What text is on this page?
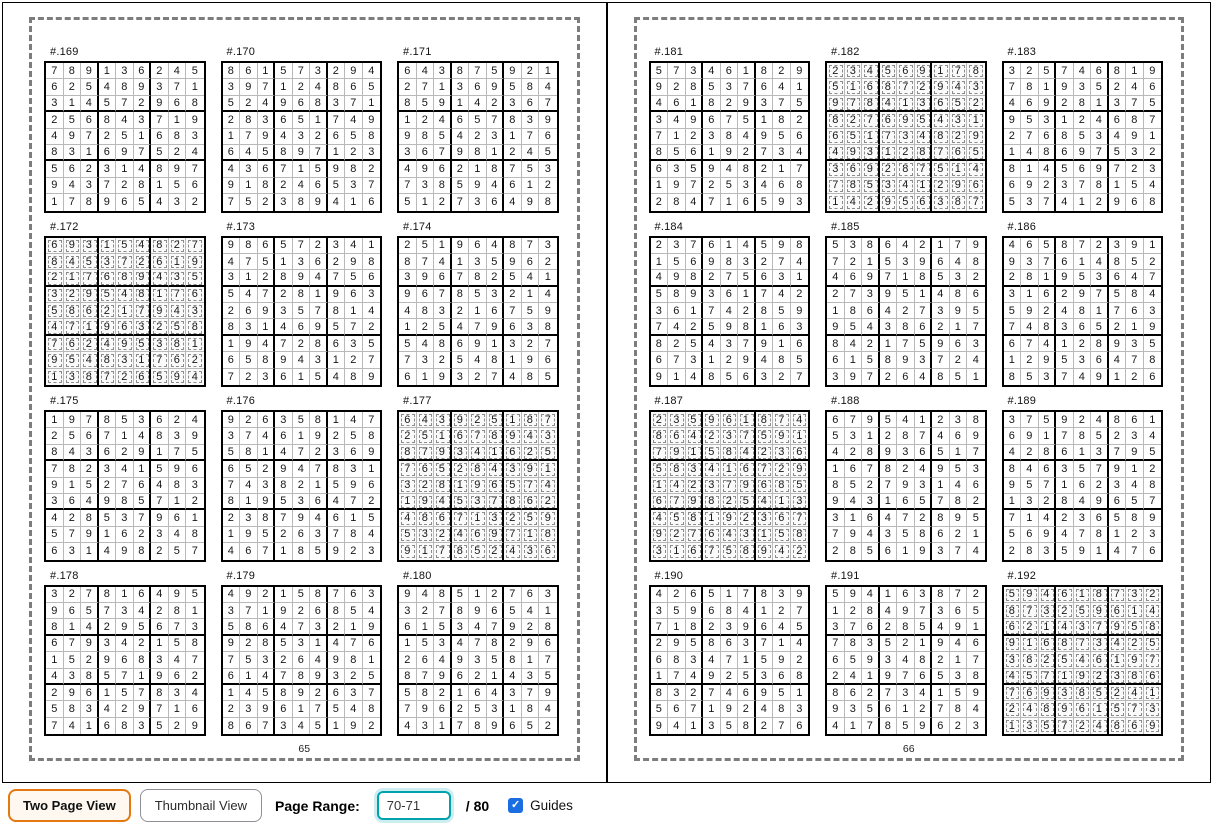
#.169
7	8 9	1	3 6	2	4	5
6	2 5	4	8 9	3	7	1
3	1 4	5	7 2	9	6	8
2	5 6	8	4 3	7	1	9
4	9 7	2	5 1	6	8	3
8	3 1	6	9 7	5	2	4
5	6 2	3	1 4	8	9	7
9	4 3	7	2 8	1	5	6
1	7 8	9	6 5	4	3	2
#.170
8	6 1	5	7 3	2	9	4
3	9 7	1	2 4	8	6	5
5	2 4	9	6 8	3	7	1
2	8 3	6	5 1	7	4	9
1	7 9	4	3 2	6	5	8
6	4 5	8	9 7	1	2	3
4	3 6	7	1 5	9	8	2
9	1 8	2	4 6	5	3	7
7	5 2	3	8 9	4	1	6
#.171
6	4 3	8	7 5	9	2	1
2	7 1	3	6 9	5	8	4
8	5 9	1	4 2	3	6	7
1	2 4	6	5 7	8	3	9
9	8 5	4	2 3	1	7	6
3	6 7	9	8 1	2	4	5
4	9 6	2	1 8	7	5	3
7	3 8	5	9 4	6	1	2
5	1 2	7	3 6	4	9	8
#.172
6	9 3	1	5 4	8	2	7
8	4 5	3	7 2	6	1	9
2	1 7	6	8 9	4	3	5
3	2 9	5	4 8	1	7	6
5	8 6	2	1 7	9	4	3
4	7 1	9	6 3	2	5	8
7	6 2	4	9 5	3	8	1
9	5 4	8	3 1	7	6	2
1	3 8	7	2 6	5	9	4
#.173
9	8 6	5	7 2	3	4	1
4	7 5	1	3 6	2	9	8
3	1 2	8	9 4	7	5	6
5	4 7	2	8 1	9	6	3
2	6 9	3	5 7	8	1	4
8	3 1	4	6 9	5	7	2
1	9 4	7	2 8	6	3	5
6	5 8	9	4 3	1	2	7
7	2 3	6	1 5	4	8	9
#.174
2	5 1	9	6 4	8	7	3
8	7 4	1	3 5	9	6	2
3	9 6	7	8 2	5	4	1
9	6 7	8	5 3	2	1	4
4	8 3	2	1 6	7	5	9
1	2 5	4	7 9	6	3	8
5	4 8	6	9 1	3	2	7
7	3 2	5	4 8	1	9	6
6	1 9	3	2 7	4	8	5
#.175
1	9 7	8	5 3	6	2	4
2	5 6	7	1 4	8	3	9
8	4 3	6	2 9	1	7	5
7	8 2	3	4 1	5	9	6
9	1 5	2	7 6	4	8	3
3	6 4	9	8 5	7	1	2
4	2 8	5	3 7	9	6	1
5	7 9	1	6 2	3	4	8
6	3 1	4	9 8	2	5	7
#.176
9	2 6	3	5 8	1	4	7
3	7 4	6	1 9	2	5	8
5	8 1	4	7 2	3	6	9
6	5 2	9	4 7	8	3	1
7	4 3	8	2 1	5	9	6
8	1 9	5	3 6	4	7	2
2	3 8	7	9 4	6	1	5
1	9 5	2	6 3	7	8	4
4	6 7	1	8 5	9	2	3
#.177
6	4 3	9	2 5	1	8	7
2	5 1	6	7 8	9	4	3
8	7 9	3	4 1	6	2	5
7	6 5	2	8 4	3	9	1
3	2 8	1	9 6	5	7	4
1	9 4	5	3 7	8	6	2
4	8 6	7	1 3	2	5	9
5	3 2	4	6 9	7	1	8
9	1 7	8	5 2	4	3	6
#.178
3	2 7	8	1 6	4	9	5
9	6 5	7	3 4	2	8	1
8	1 4	2	9 5	6	7	3
6	7 9	3	4 2	1	5	8
1	5 2	9	6 8	3	4	7
4	3 8	5	7 1	9	6	2
2	9 6	1	5 7	8	3	4
5	8 3	4	2 9	7	1	6
7	4 1	6	8 3	5	2	9
#.179
4	9 2	1	5 8	7	6	3
3	7 1	9	2 6	8	5	4
5	8 6	4	7 3	2	1	9
9	2 8	5	3 1	4	7	6
7	5 3	2	6 4	9	8	1
6	1 4	7	8 9	3	2	5
1	4 5	8	9 2	6	3	7
2	3 9	6	1 7	5	4	8
8	6 7	3	4 5	1	9	2
#.180
9	4 8	5	1 2	7	6	3
3	2 7	8	9 6	5	4	1
6	1 5	3	4 7	9	2	8
1	5 3	4	7 8	2	9	6
2	6 4	9	3 5	8	1	7
8	7 9	6	2 1	4	3	5
5	8 2	1	6 4	3	7	9
7	9 6	2	5 3	1	8	4
4	3 1	7	8 9	6	5	2
65
#.181
5	7 3	4	6 1	8	2	9
9	2 8	5	3 7	6	4	1
4	6 1	8	2 9	3	7	5
3	4 9	6	7 5	1	8	2
7	1 2	3	8 4	9	5	6
8	5 6	1	9 2	7	3	4
6	3 5	9	4 8	2	1	7
1	9 7	2	5 3	4	6	8
2	8 4	7	1 6	5	9	3
#.182
2	3 4	5	6 9	1	7	8
5	1 6	8	7 2	9	4	3
9	7 8	4	1 3	6	5	2
8	2 7	6	9 5	4	3	1
6	5 1	7	3 4	8	2	9
4	9 3	1	2 8	7	6	5
3	6 9	2	8 7	5	1	4
7	8 5	3	4 1	2	9	6
1	4 2	9	5 6	3	8	7
#.183
3	2 5	7	4 6	8	1	9
7	8 1	9	3 5	2	4	6
4	6 9	2	8 1	3	7	5
9	5 3	1	2 4	6	8	7
2	7 6	8	5 3	4	9	1
1	4 8	6	9 7	5	3	2
8	1 4	5	6 9	7	2	3
6	9 2	3	7 8	1	5	4
5	3 7	4	1 2	9	6	8
#.184
2	3 7	6	1 4	5	9	8
1	5 6	9	8 3	2	7	4
4	9 8	2	7 5	6	3	1
5	8 9	3	6 1	7	4	2
3	6 1	7	4 2	8	5	9
7	4 2	5	9 8	1	6	3
8	2 5	4	3 7	9	1	6
6	7 3	1	2 9	4	8	5
9	1 4	8	5 6	3	2	7
#.185
5	3 8	6	4 2	1	7	9
7	2 1	5	3 9	6	4	8
4	6 9	7	1 8	5	3	2
2	7 3	9	5 1	4	8	6
1	8 6	4	2 7	3	9	5
9	5 4	3	8 6	2	1	7
8	4 2	1	7 5	9	6	3
6	1 5	8	9 3	7	2	4
3	9 7	2	6 4	8	5	1
#.186
4	6 5	8	7 2	3	9	1
9	3 7	6	1 4	8	5	2
2	8 1	9	5 3	6	4	7
3	1 6	2	9 7	5	8	4
5	9 2	4	8 1	7	6	3
7	4 8	3	6 5	2	1	9
6	7 4	1	2 8	9	3	5
1	2 9	5	3 6	4	7	8
8	5 3	7	4 9	1	2	6
#.187
2	3 5	9	6 1	8	7	4
8	6 4	2	3 7	5	9	1
7	9 1	5	8 4	2	3	6
5	8 3	4	1 6	7	2	9
1	4 2	3	7 9	6	8	5
6	7 9	8	2 5	4	1	3
4	5 8	1	9 2	3	6	7
9	2 7	6	4 3	1	5	8
3	1 6	7	5 8	9	4	2
#.188
6	7 9	5	4 1	2	3	8
5	3 1	2	8 7	4	6	9
4	2 8	9	3 6	5	1	7
1	6 7	8	2 4	9	5	3
8	5 2	7	9 3	1	4	6
9	4 3	1	6 5	7	8	2
3	1 6	4	7 2	8	9	5
7	9 4	3	5 8	6	2	1
2	8 5	6	1 9	3	7	4
#.189
3	7 5	9	2 4	8	6	1
6	9 1	7	8 5	2	3	4
4	2 8	6	1 3	7	9	5
8	4 6	3	5 7	9	1	2
9	5 7	1	6 2	3	4	8
1	3 2	8	4 9	6	5	7
7	1 4	2	3 6	5	8	9
5	6 9	4	7 8	1	2	3
2	8 3	5	9 1	4	7	6
#.190
4	2 6	5	1 7	8	3	9
3	5 9	6	8 4	1	2	7
7	1 8	2	3 9	6	4	5
2	9 5	8	6 3	7	1	4
6	8 3	4	7 1	5	9	2
1	7 4	9	2 5	3	6	8
8	3 2	7	4 6	9	5	1
5	6 7	1	9 2	4	8	3
9	4 1	3	5 8	2	7	6
#.191
5	9 4	1	6 3	8	7	2
1	2 8	4	9 7	3	6	5
3	7 6	2	8 5	4	9	1
7	8 3	5	2 1	9	4	6
6	5 9	3	4 8	2	1	7
2	4 1	9	7 6	5	3	8
8	6 2	7	3 4	1	5	9
9	3 5	6	1 2	7	8	4
4	1 7	8	5 9	6	2	3
#.192
5	9 4	6	1 8	7	3	2
8	7 3	2	5 9	6	1	4
6	2 1	4	3 7	9	5	8
9	1 6	8	7 3	4	2	5
3	8 2	5	4 6	1	9	7
4	5 7	1	9 2	3	8	6
7	6 9	3	8 5	2	4	1
2	4 8	9	6 1	5	7	3
1	3 5	7	2 4	8	6	9
66
Two Page View	Thumbnail View	Page Range:
70-71	/ 80 ✓ Guides
